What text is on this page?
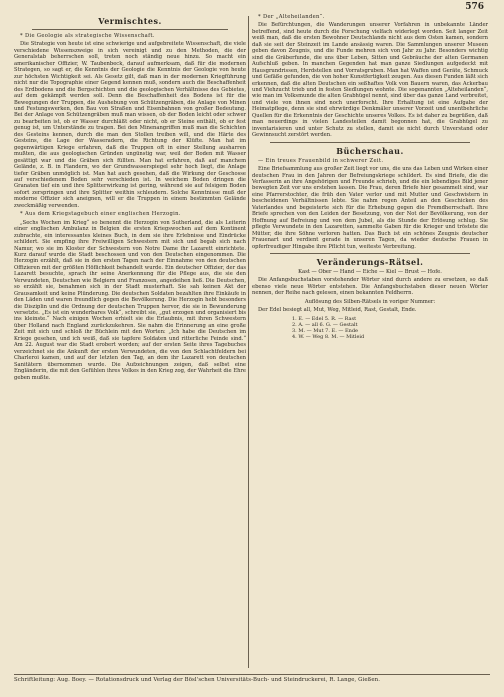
576
Vermischtes.

* Die Geologie als strategische Wissenschaft.

Die Strategie von heute ist eine schwierige und aufgebreitete Wissenschaft, die viele verschiedene Wissenszweige in sich vereinigt und zu den Methoden, die der Generalstab beherrschen soll, treten noch ständig neue hinzu. So macht ein amerikanischer Offizier, W. Taubenbeck, darauf aufmerksam, daß für die modernen Strategen, so sagt er, die Kenntnis der Geologie die Kenntnis der Geologie von heute zur höchsten Wichtigkeit sei. Als Gesetz gilt, daß man in der modernen Kriegführung nicht nur die Topographie einer Gegend kennen muß, sondern auch die Beschaffenheit des Erdbodens und die Bergschichten und die geologischen Verhältnisse des Gebietes, auf dem gekämpft werden soll. Denn die Beschaffenheit des Bodens ist für die Bewegungen der Truppen, die Aushebung von Schützengräben, die Anlage von Minen und Festungswerken, den Bau von Straßen und Eisenbahnen von großer Bedeutung. Bei der Anlage von Schützengräben muß man wissen, ob der Boden leicht oder schwer zu bearbeiten ist, ob er Wasser durchläßt oder nicht, ob er Steine enthält, ob er fest genug ist, um Unterstände zu tragen. Bei den Minenangriffen muß man die Schichten des Gesteins kennen, durch die man den Stollen treiben will, und die Härte des Gesteins, die Lage der Wasseradern, die Richtung der Klüfte. Man hat im gegenwärtigen Kriege erfahren, daß die Truppen oft in einer Stellung ausharren mußten, die aus geologischen Gründen ungünstig war, weil der Boden mit Wasser gesättigt war und die Gräben sich füllten. Man hat erfahren, daß auf manchem Gelände, z. B. in Flandern, wo der Grundwasserspiegel sehr hoch liegt, die Anlage tiefer Gräben unmöglich ist. Man hat auch gesehen, daß die Wirkung der Geschosse auf verschiedenem Boden sehr verschieden ist. In weichem Boden dringen die Granaten tief ein und ihre Splitterwirkung ist gering, während sie auf felsigem Boden sofort zerspringen und ihre Splitter weithin schleudern. Solche Kenntnisse muß der moderne Offizier sich aneignen, will er die Truppen in einem bestimmten Gelände zweckmäßig verwenden.

* Aus dem Kriegstagebuch einer englischen Herzogin.

„Sechs Wochen im Krieg“ so benennt die Herzogin von Sutherland, die als Leiterin einer englischen Ambulanz in Belgien die ersten Kriegswochen auf dem Kontinent zubrachte, ein interessantes kleines Buch, in dem sie ihre Erlebnisse und Eindrücke schildert. Sie empfing ihre Freiwilligen Schwestern mit sich und begab sich nach Namur, wo sie im Kloster der Schwestern von Notre Dame ihr Lazarett einrichtete. Kurz darauf wurde die Stadt beschossen und von den Deutschen eingenommen. Die Herzogin erzählt, daß sie in den ersten Tagen nach der Einnahme von den deutschen Offizieren mit der größten Höflichkeit behandelt wurde. Ein deutscher Offizier, der das Lazarett besuchte, sprach ihr seine Anerkennung für die Pflege aus, die sie den Verwundeten, Deutschen wie Belgiern und Franzosen, angedeihen ließ. Die Deutschen, so erzählt sie, benahmen sich in der Stadt musterhaft. Sie sah keinen Akt der Grausamkeit und keine Plünderung. Die deutschen Soldaten bezahlten ihre Einkäufe in den Läden und waren freundlich gegen die Bevölkerung. Die Herzogin hebt besonders die Disziplin und die Ordnung der deutschen Truppen hervor, die sie in Bewunderung versetzte. „Es ist ein wunderbares Volk“, schreibt sie, „gut erzogen und organisiert bis ins kleinste.“ Nach einigen Wochen erhielt sie die Erlaubnis, mit ihren Schwestern über Holland nach England zurückzukehren. Sie nahm die Erinnerung an eine große Zeit mit sich und schloß ihr Büchlein mit den Worten: „Ich habe die Deutschen im Kriege gesehen, und ich weiß, daß sie tapfere Soldaten und ritterliche Feinde sind.“ Am 22. August war die Stadt erobert worden; auf der ersten Seite ihres Tagebuches verzeichnet sie die Ankunft der ersten Verwundeten, die von den Schlachtfeldern bei Charleroi kamen, und auf der letzten den Tag, an dem ihr Lazarett von deutschen Sanitätern übernommen wurde. Die Aufzeichnungen zeigen, daß selbst eine Engländerin, die mit den Gefühlen ihres Volkes in den Krieg zog, der Wahrheit die Ehre geben mußte.

* Der „Alteheilanden“.

Die Befürchtungen, die Wanderungen unserer Vorfahren in unbekannte Länder betreffend, sind heute durch die Forschung vielfach widerlegt worden. Seit langer Zeit weiß man, daß die ersten Bewohner Deutschlands nicht aus dem Osten kamen, sondern daß sie seit der Steinzeit im Lande ansässig waren. Die Sammlungen unserer Museen geben davon Zeugnis, und die Funde mehren sich von Jahr zu Jahr. Besonders wichtig sind die Gräberfunde, die uns über Leben, Sitten und Gebräuche der alten Germanen Aufschluß geben. In manchen Gegenden hat man ganze Siedlungen aufgedeckt mit Hausgrundrissen, Herdstellen und Vorratsgruben. Man hat Waffen und Geräte, Schmuck und Gefäße gefunden, die von hoher Kunstfertigkeit zeugen. Aus diesen Funden läßt sich erkennen, daß die alten Deutschen ein seßhaftes Volk von Bauern waren, das Ackerbau und Viehzucht trieb und in festen Siedlungen wohnte. Die sogenannten „Alteheilanden“, wie man im Volksmunde die alten Grabhügel nennt, sind über das ganze Land verbreitet, und viele von ihnen sind noch unerforscht. Ihre Erhaltung ist eine Aufgabe der Heimatpflege, denn sie sind ehrwürdige Denkmäler unserer Vorzeit und unentbehrliche Quellen für die Erkenntnis der Geschichte unseres Volkes. Es ist daher zu begrüßen, daß man neuerdings in vielen Landesteilen damit begonnen hat, die Grabhügel zu inventarisieren und unter Schutz zu stellen, damit sie nicht durch Unverstand oder Gewinnsucht zerstört werden.

Bücherschau.

— Ein treues Frauenbild in schwerer Zeit.

Eine Briefsammlung aus großer Zeit liegt vor uns, die uns das Leben und Wirken einer deutschen Frau in den Jahren der Befreiungskriege schildert. Es sind Briefe, die die Verfasserin an ihre Angehörigen und Freunde schrieb, und die ein lebendiges Bild jener bewegten Zeit vor uns erstehen lassen. Die Frau, deren Briefe hier gesammelt sind, war eine Pfarrerstochter, die früh den Vater verlor und mit Mutter und Geschwistern in bescheidenen Verhältnissen lebte. Sie nahm regen Anteil an den Geschicken des Vaterlandes und begeisterte sich für die Erhebung gegen die Fremdherrschaft. Ihre Briefe sprechen von den Leiden der Besetzung, von der Not der Bevölkerung, von der Hoffnung auf Befreiung und von dem Jubel, als die Stunde der Erlösung schlug. Sie pflegte Verwundete in den Lazaretten, sammelte Gaben für die Krieger und tröstete die Mütter, die ihre Söhne verloren hatten. Das Buch ist ein schönes Zeugnis deutscher Frauenart und verdient gerade in unseren Tagen, da wieder deutsche Frauen in opferfreudiger Hingabe ihre Pflicht tun, weiteste Verbreitung.

Veränderungs-Rätsel.

Kast — Ober — Hand — Eiche — Kiel — Brust — Hofe.

Die Anfangsbuchstaben vorstehender Wörter sind durch andere zu ersetzen, so daß ebenso viele neue Wörter entstehen. Die Anfangsbuchstaben dieser neuen Wörter nennen, der Reihe nach gelesen, einen bekannten Feldherrn.

Auflösung des Silben-Rätsels in voriger Nummer:

Der Edel besiegt all, Mut, Weg, Mitleid, Rast, Gestalt, Ende.

1. E. — Edel 5. R. — Rast
2. A. — all 6. G. — Gestalt
3. M. — Mut 7. E. — Ende
4. W. — Weg 8. M. — Mitleid
Schriftleitung: Aug. Boey. — Rotationsdruck und Verlag der Bösl'schen Universitäts-Buch- und Steindruckerei, R. Lange, Gießen.
